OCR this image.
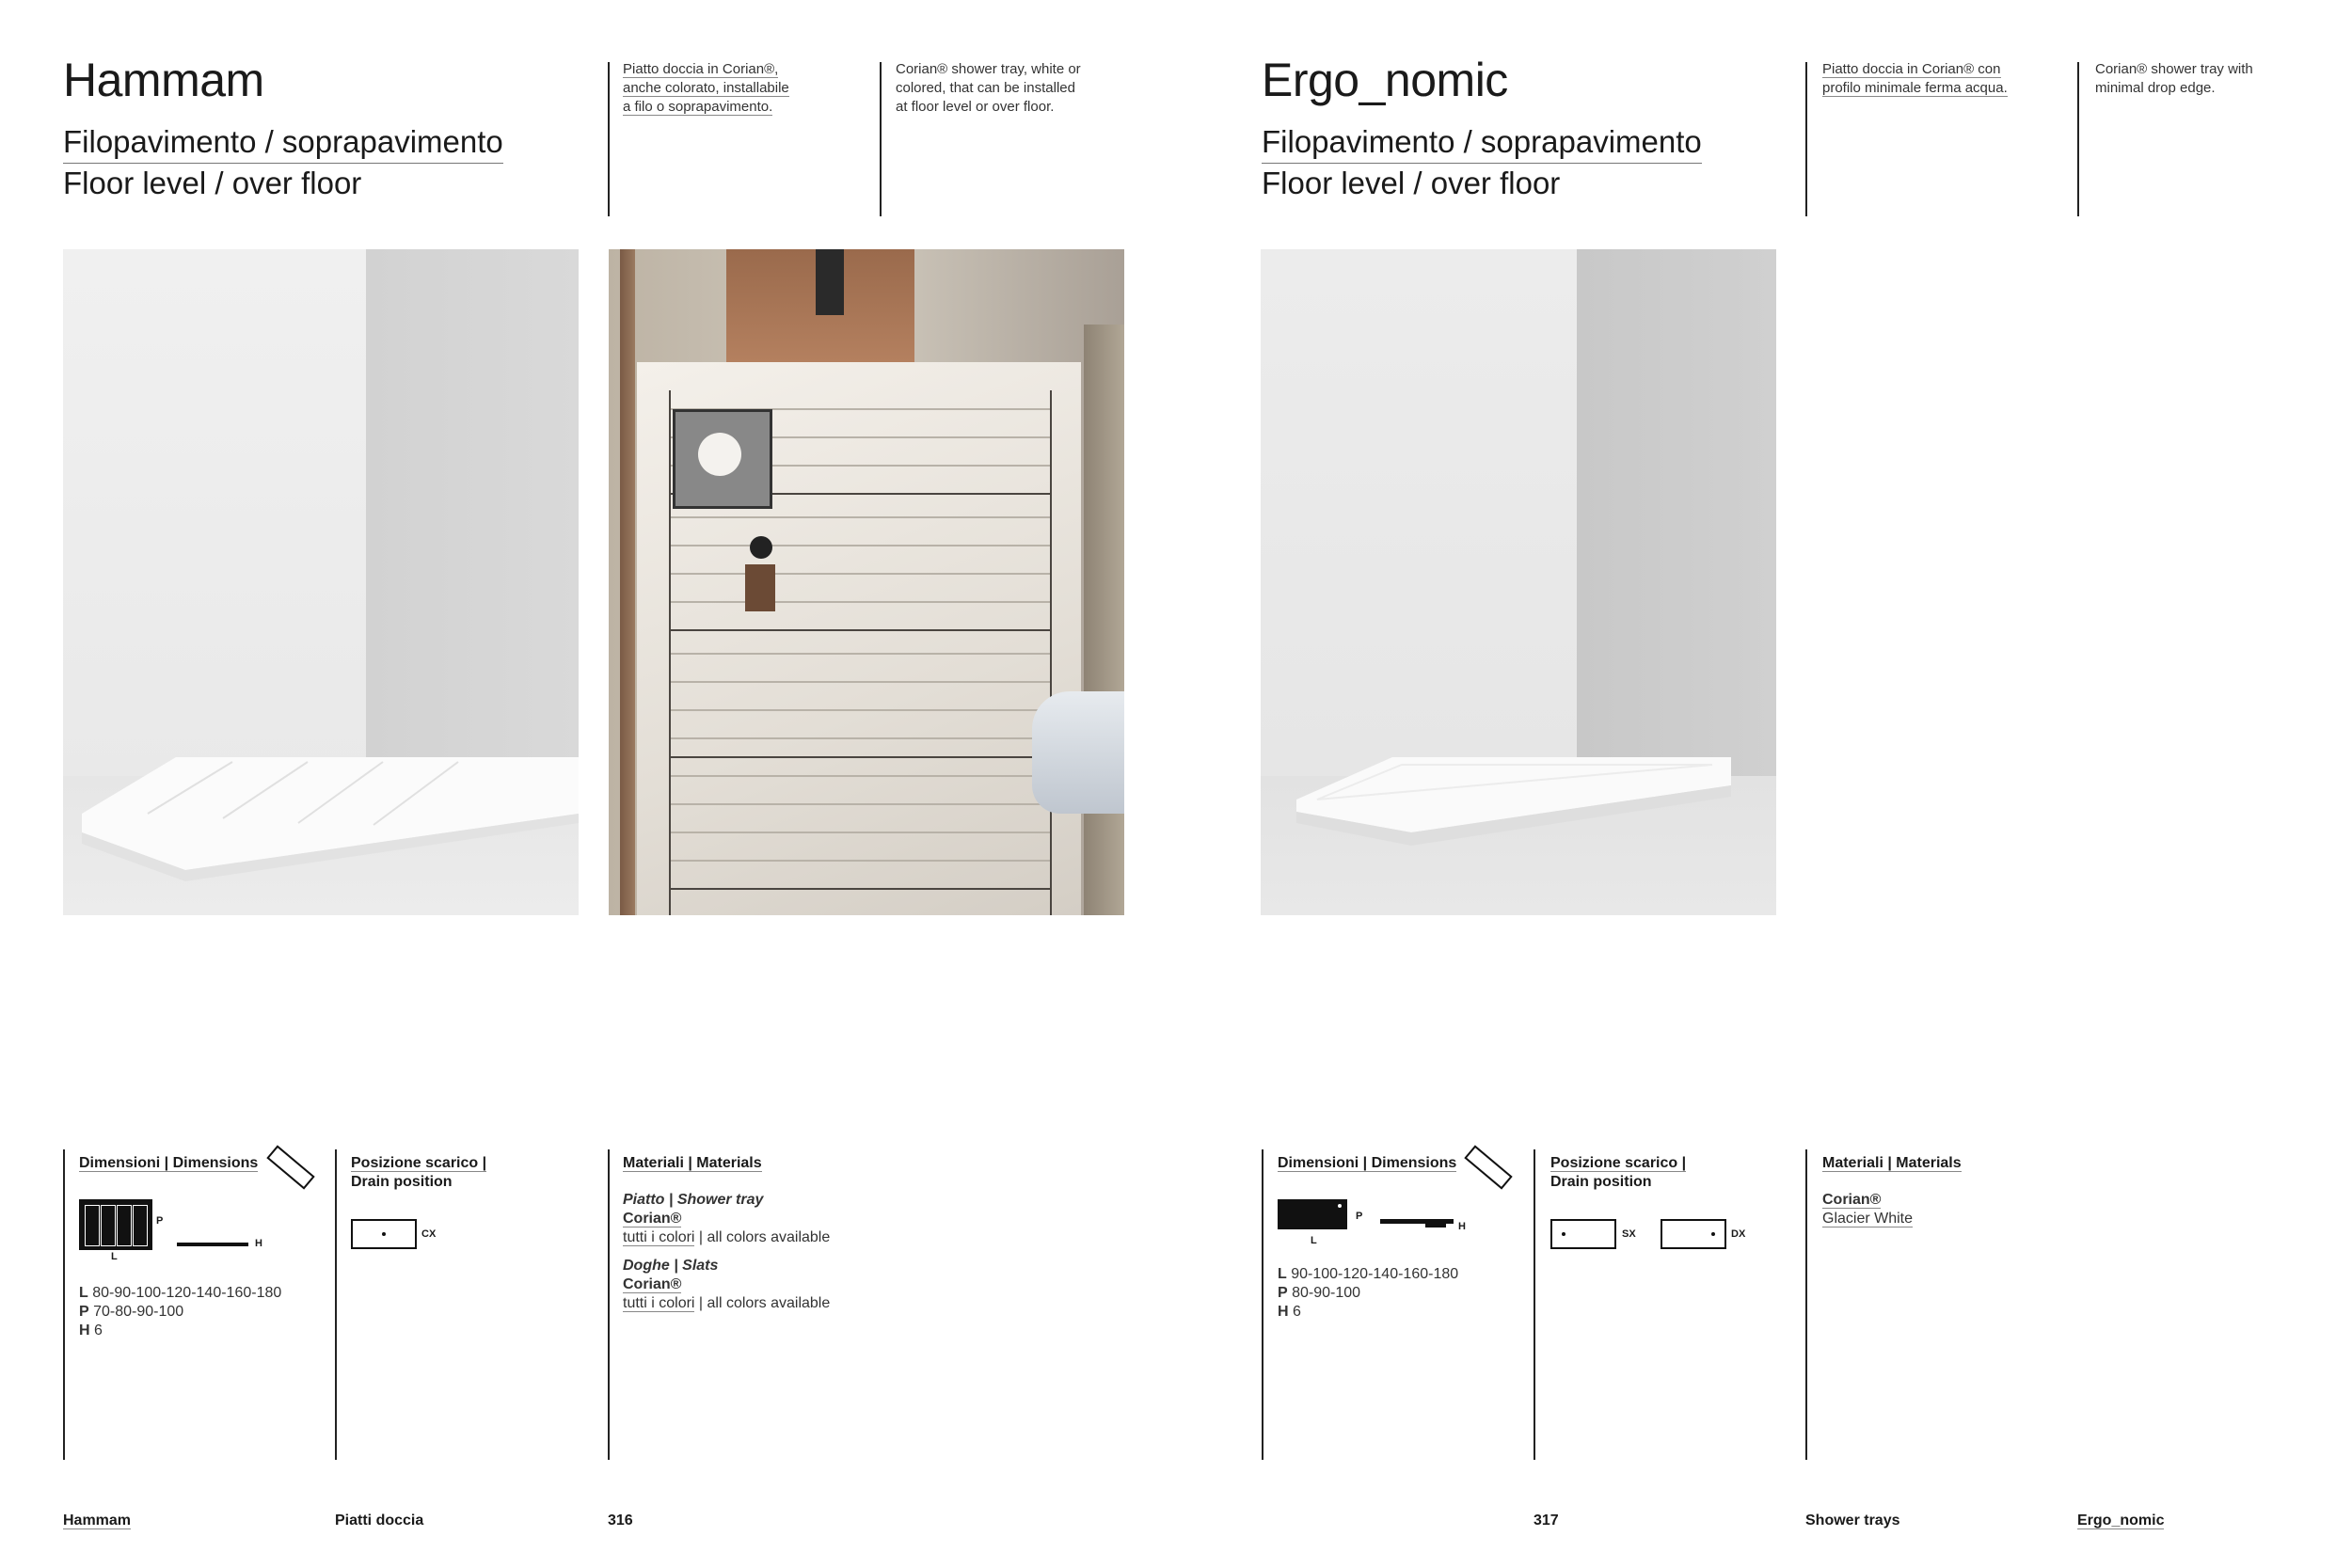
Hammam
Filopavimento / soprapavimento
Floor level / over floor
Piatto doccia in Corian®,
anche colorato, installabile
a filo o soprapavimento.
Corian® shower tray, white or
colored, that can be installed
at floor level or over floor.
Dimensioni | Dimensions
P
L
H
L 80-90-100-120-140-160-180
P 70-80-90-100
H 6
Posizione scarico |
Drain position
CX
Materiali | Materials
Piatto | Shower tray
Corian®
tutti i colori | all colors available
Doghe | Slats
Corian®
tutti i colori | all colors available
Hammam	Piatti doccia	316
Ergo_nomic
Filopavimento / soprapavimento
Floor level / over floor
Piatto doccia in Corian® con
profilo minimale ferma acqua.
Corian® shower tray with
minimal drop edge.
Dimensioni | Dimensions
P
L
H
L 90-100-120-140-160-180
P 80-90-100
H 6
Posizione scarico |
Drain position
SX	DX
Materiali | Materials
Corian®
Glacier White
317	Shower trays	Ergo_nomic
